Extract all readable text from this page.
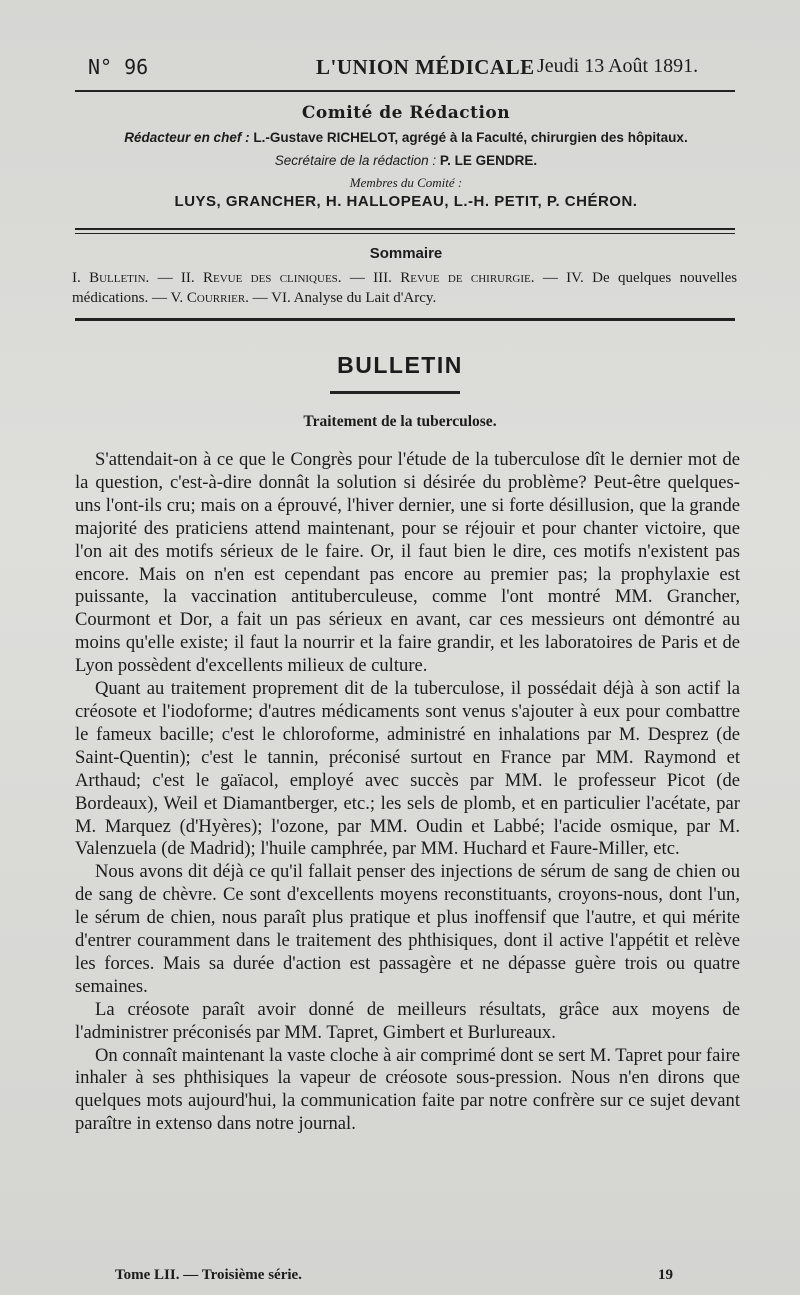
N° 96	L'UNION MÉDICALE Jeudi 13 Août 1891.
Comité de Rédaction
Rédacteur en chef : L.-Gustave RICHELOT, agrégé à la Faculté, chirurgien des hôpitaux.
Secrétaire de la rédaction : P. LE GENDRE.
Membres du Comité :
LUYS, GRANCHER, H. HALLOPEAU, L.-H. PETIT, P. CHÉRON.
Sommaire
I. Bulletin. — II. Revue des cliniques. — III. Revue de chirurgie. — IV. De quelques nouvelles médications. — V. Courrier. — VI. Analyse du Lait d'Arcy.
BULLETIN
Traitement de la tuberculose.

S'attendait-on à ce que le Congrès pour l'étude de la tuberculose dît le dernier mot de la question, c'est-à-dire donnât la solution si désirée du problème? Peut-être quelques-uns l'ont-ils cru; mais on a éprouvé, l'hiver dernier, une si forte désillusion, que la grande majorité des praticiens attend maintenant, pour se réjouir et pour chanter victoire, que l'on ait des motifs sérieux de le faire. Or, il faut bien le dire, ces motifs n'existent pas encore. Mais on n'en est cependant pas encore au premier pas; la prophylaxie est puissante, la vaccination antituberculeuse, comme l'ont montré MM. Grancher, Courmont et Dor, a fait un pas sérieux en avant, car ces messieurs ont démontré au moins qu'elle existe; il faut la nourrir et la faire grandir, et les laboratoires de Paris et de Lyon possèdent d'excellents milieux de culture.

Quant au traitement proprement dit de la tuberculose, il possédait déjà à son actif la créosote et l'iodoforme; d'autres médicaments sont venus s'ajouter à eux pour combattre le fameux bacille; c'est le chloroforme, administré en inhalations par M. Desprez (de Saint-Quentin); c'est le tannin, préconisé surtout en France par MM. Raymond et Arthaud; c'est le gaïacol, employé avec succès par MM. le professeur Picot (de Bordeaux), Weil et Diamantberger, etc.; les sels de plomb, et en particulier l'acétate, par M. Marquez (d'Hyères); l'ozone, par MM. Oudin et Labbé; l'acide osmique, par M. Valenzuela (de Madrid); l'huile camphrée, par MM. Huchard et Faure-Miller, etc.

Nous avons dit déjà ce qu'il fallait penser des injections de sérum de sang de chien ou de sang de chèvre. Ce sont d'excellents moyens reconstituants, croyons-nous, dont l'un, le sérum de chien, nous paraît plus pratique et plus inoffensif que l'autre, et qui mérite d'entrer couramment dans le traitement des phthisiques, dont il active l'appétit et relève les forces. Mais sa durée d'action est passagère et ne dépasse guère trois ou quatre semaines.

La créosote paraît avoir donné de meilleurs résultats, grâce aux moyens de l'administrer préconisés par MM. Tapret, Gimbert et Burlureaux.

On connaît maintenant la vaste cloche à air comprimé dont se sert M. Tapret pour faire inhaler à ses phthisiques la vapeur de créosote sous-pression. Nous n'en dirons que quelques mots aujourd'hui, la communication faite par notre confrère sur ce sujet devant paraître in extenso dans notre journal.

Tome LII. — Troisième série.	19
